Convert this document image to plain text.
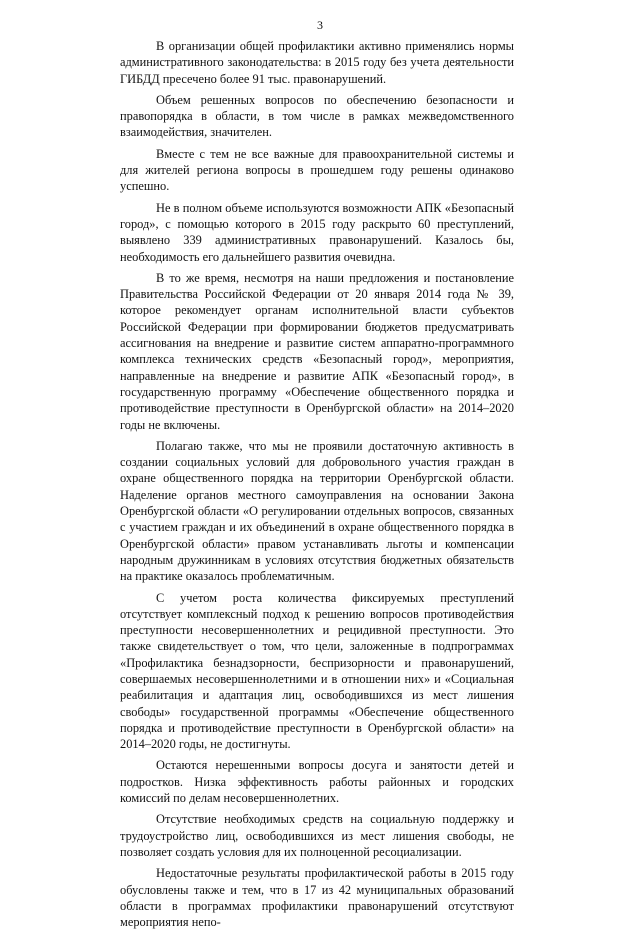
3

В организации общей профилактики активно применялись нормы административного законодательства: в 2015 году без учета деятельности ГИБДД пресечено более 91 тыс. правонарушений.

Объем решенных вопросов по обеспечению безопасности и правопорядка в области, в том числе в рамках межведомственного взаимодействия, значителен.

Вместе с тем не все важные для правоохранительной системы и для жителей региона вопросы в прошедшем году решены одинаково успешно.

Не в полном объеме используются возможности АПК «Безопасный город», с помощью которого в 2015 году раскрыто 60 преступлений, выявлено 339 административных правонарушений. Казалось бы, необходимость его дальнейшего развития очевидна.

В то же время, несмотря на наши предложения и постановление Правительства Российской Федерации от 20 января 2014 года № 39, которое рекомендует органам исполнительной власти субъектов Российской Федерации при формировании бюджетов предусматривать ассигнования на внедрение и развитие систем аппаратно-программного комплекса технических средств «Безопасный город», мероприятия, направленные на внедрение и развитие АПК «Безопасный город», в государственную программу «Обеспечение общественного порядка и противодействие преступности в Оренбургской области» на 2014–2020 годы не включены.

Полагаю также, что мы не проявили достаточную активность в создании социальных условий для добровольного участия граждан в охране общественного порядка на территории Оренбургской области. Наделение органов местного самоуправления на основании Закона Оренбургской области «О регулировании отдельных вопросов, связанных с участием граждан и их объединений в охране общественного порядка в Оренбургской области» правом устанавливать льготы и компенсации народным дружинникам в условиях отсутствия бюджетных обязательств на практике оказалось проблематичным.

С учетом роста количества фиксируемых преступлений отсутствует комплексный подход к решению вопросов противодействия преступности несовершеннолетних и рецидивной преступности. Это также свидетельствует о том, что цели, заложенные в подпрограммах «Профилактика безнадзорности, беспризорности и правонарушений, совершаемых несовершеннолетними и в отношении них» и «Социальная реабилитация и адаптация лиц, освободившихся из мест лишения свободы» государственной программы «Обеспечение общественного порядка и противодействие преступности в Оренбургской области» на 2014–2020 годы, не достигнуты.

Остаются нерешенными вопросы досуга и занятости детей и подростков. Низка эффективность работы районных и городских комиссий по делам несовершеннолетних.

Отсутствие необходимых средств на социальную поддержку и трудоустройство лиц, освободившихся из мест лишения свободы, не позволяет создать условия для их полноценной ресоциализации.

Недостаточные результаты профилактической работы в 2015 году обусловлены также и тем, что в 17 из 42 муниципальных образований области в программах профилактики правонарушений отсутствуют мероприятия непо-
